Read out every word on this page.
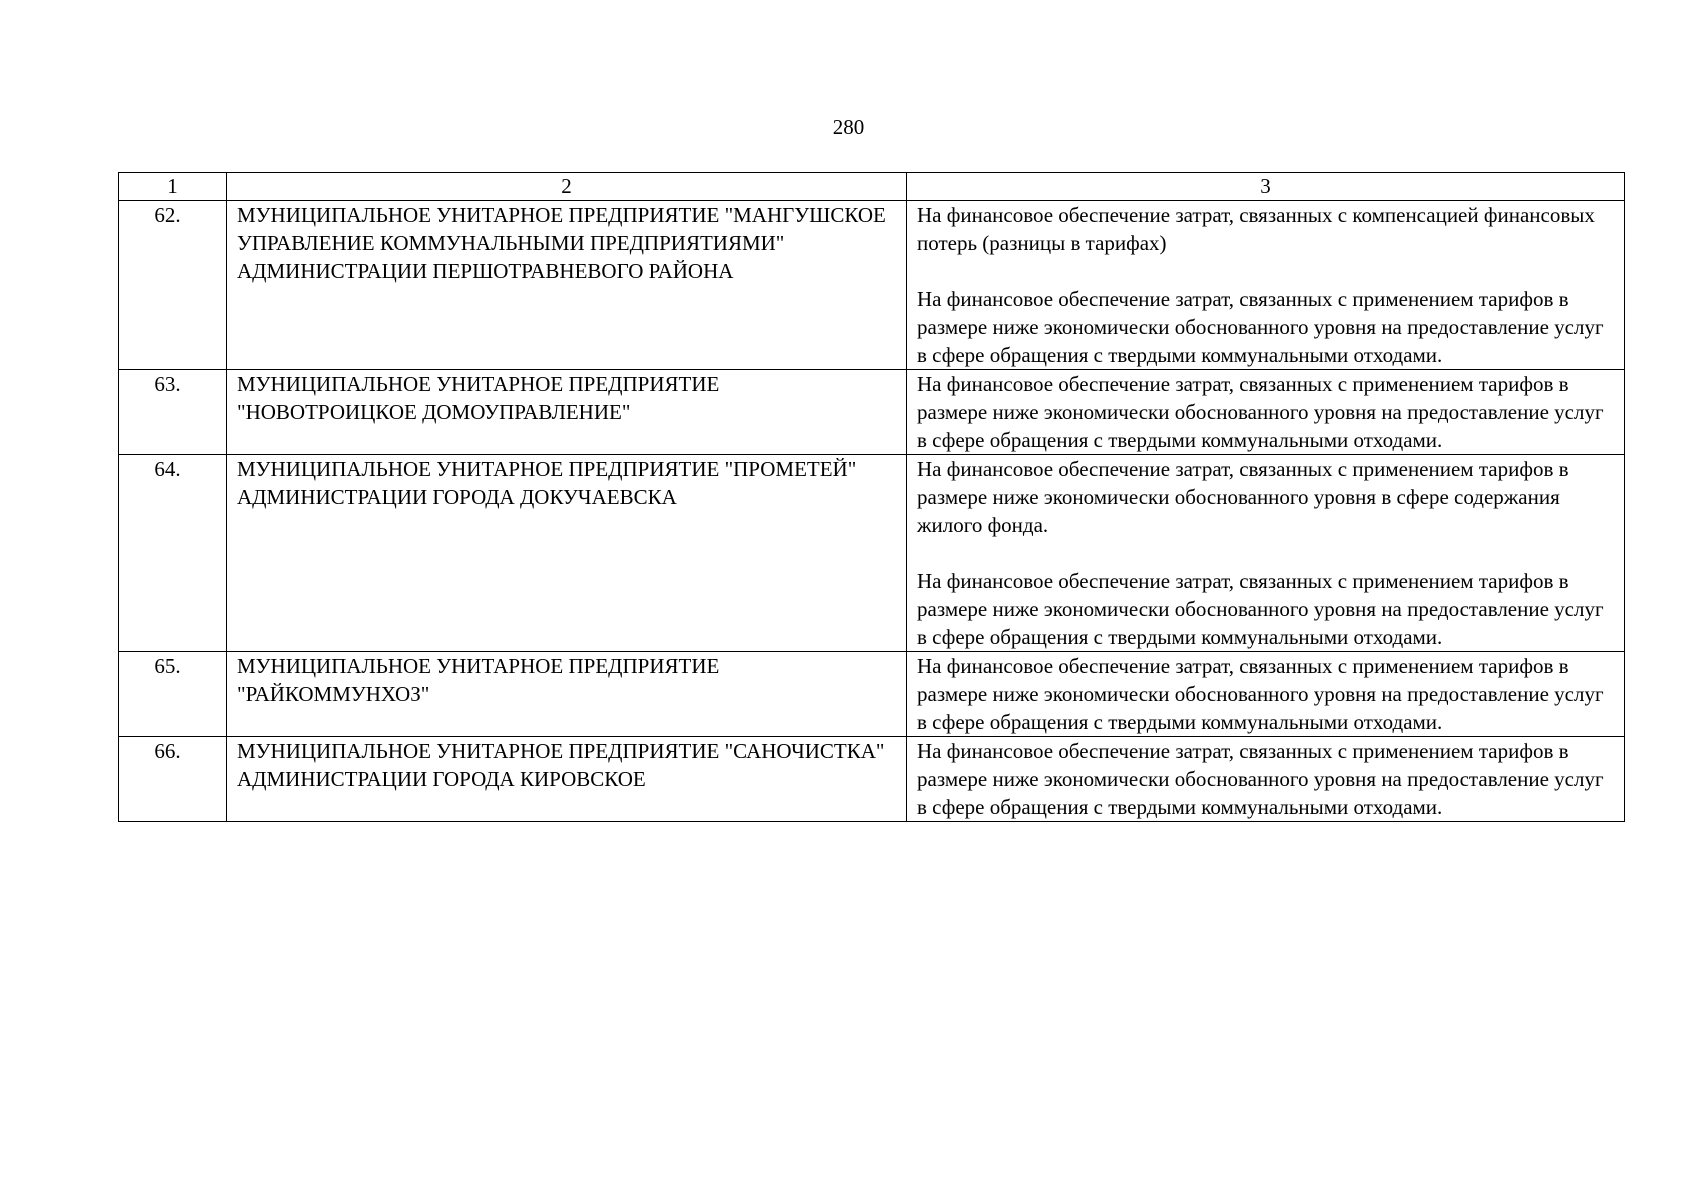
280
1	2	3
62.	МУНИЦИПАЛЬНОЕ УНИТАРНОЕ ПРЕДПРИЯТИЕ "МАНГУШСКОЕ УПРАВЛЕНИЕ КОММУНАЛЬНЫМИ ПРЕДПРИЯТИЯМИ" АДМИНИСТРАЦИИ ПЕРШОТРАВНЕВОГО РАЙОНА	На финансовое обеспечение затрат, связанных с компенсацией финансовых потерь (разницы в тарифах)

На финансовое обеспечение затрат, связанных с применением тарифов в размере ниже экономически обоснованного уровня на предоставление услуг в сфере обращения с твердыми коммунальными отходами.

63.	МУНИЦИПАЛЬНОЕ УНИТАРНОЕ ПРЕДПРИЯТИЕ "НОВОТРОИЦКОЕ ДОМОУПРАВЛЕНИЕ"	На финансовое обеспечение затрат, связанных с применением тарифов в размере ниже экономически обоснованного уровня на предоставление услуг в сфере обращения с твердыми коммунальными отходами.

64.	МУНИЦИПАЛЬНОЕ УНИТАРНОЕ ПРЕДПРИЯТИЕ "ПРОМЕТЕЙ" АДМИНИСТРАЦИИ ГОРОДА ДОКУЧАЕВСКА	На финансовое обеспечение затрат, связанных с применением тарифов в размере ниже экономически обоснованного уровня в сфере содержания жилого фонда.

На финансовое обеспечение затрат, связанных с применением тарифов в размере ниже экономически обоснованного уровня на предоставление услуг в сфере обращения с твердыми коммунальными отходами.

65.	МУНИЦИПАЛЬНОЕ УНИТАРНОЕ ПРЕДПРИЯТИЕ "РАЙКОММУНХОЗ"	На финансовое обеспечение затрат, связанных с применением тарифов в размере ниже экономически обоснованного уровня на предоставление услуг в сфере обращения с твердыми коммунальными отходами.

66.	МУНИЦИПАЛЬНОЕ УНИТАРНОЕ ПРЕДПРИЯТИЕ "САНОЧИСТКА" АДМИНИСТРАЦИИ ГОРОДА КИРОВСКОЕ	На финансовое обеспечение затрат, связанных с применением тарифов в размере ниже экономически обоснованного уровня на предоставление услуг в сфере обращения с твердыми коммунальными отходами.
